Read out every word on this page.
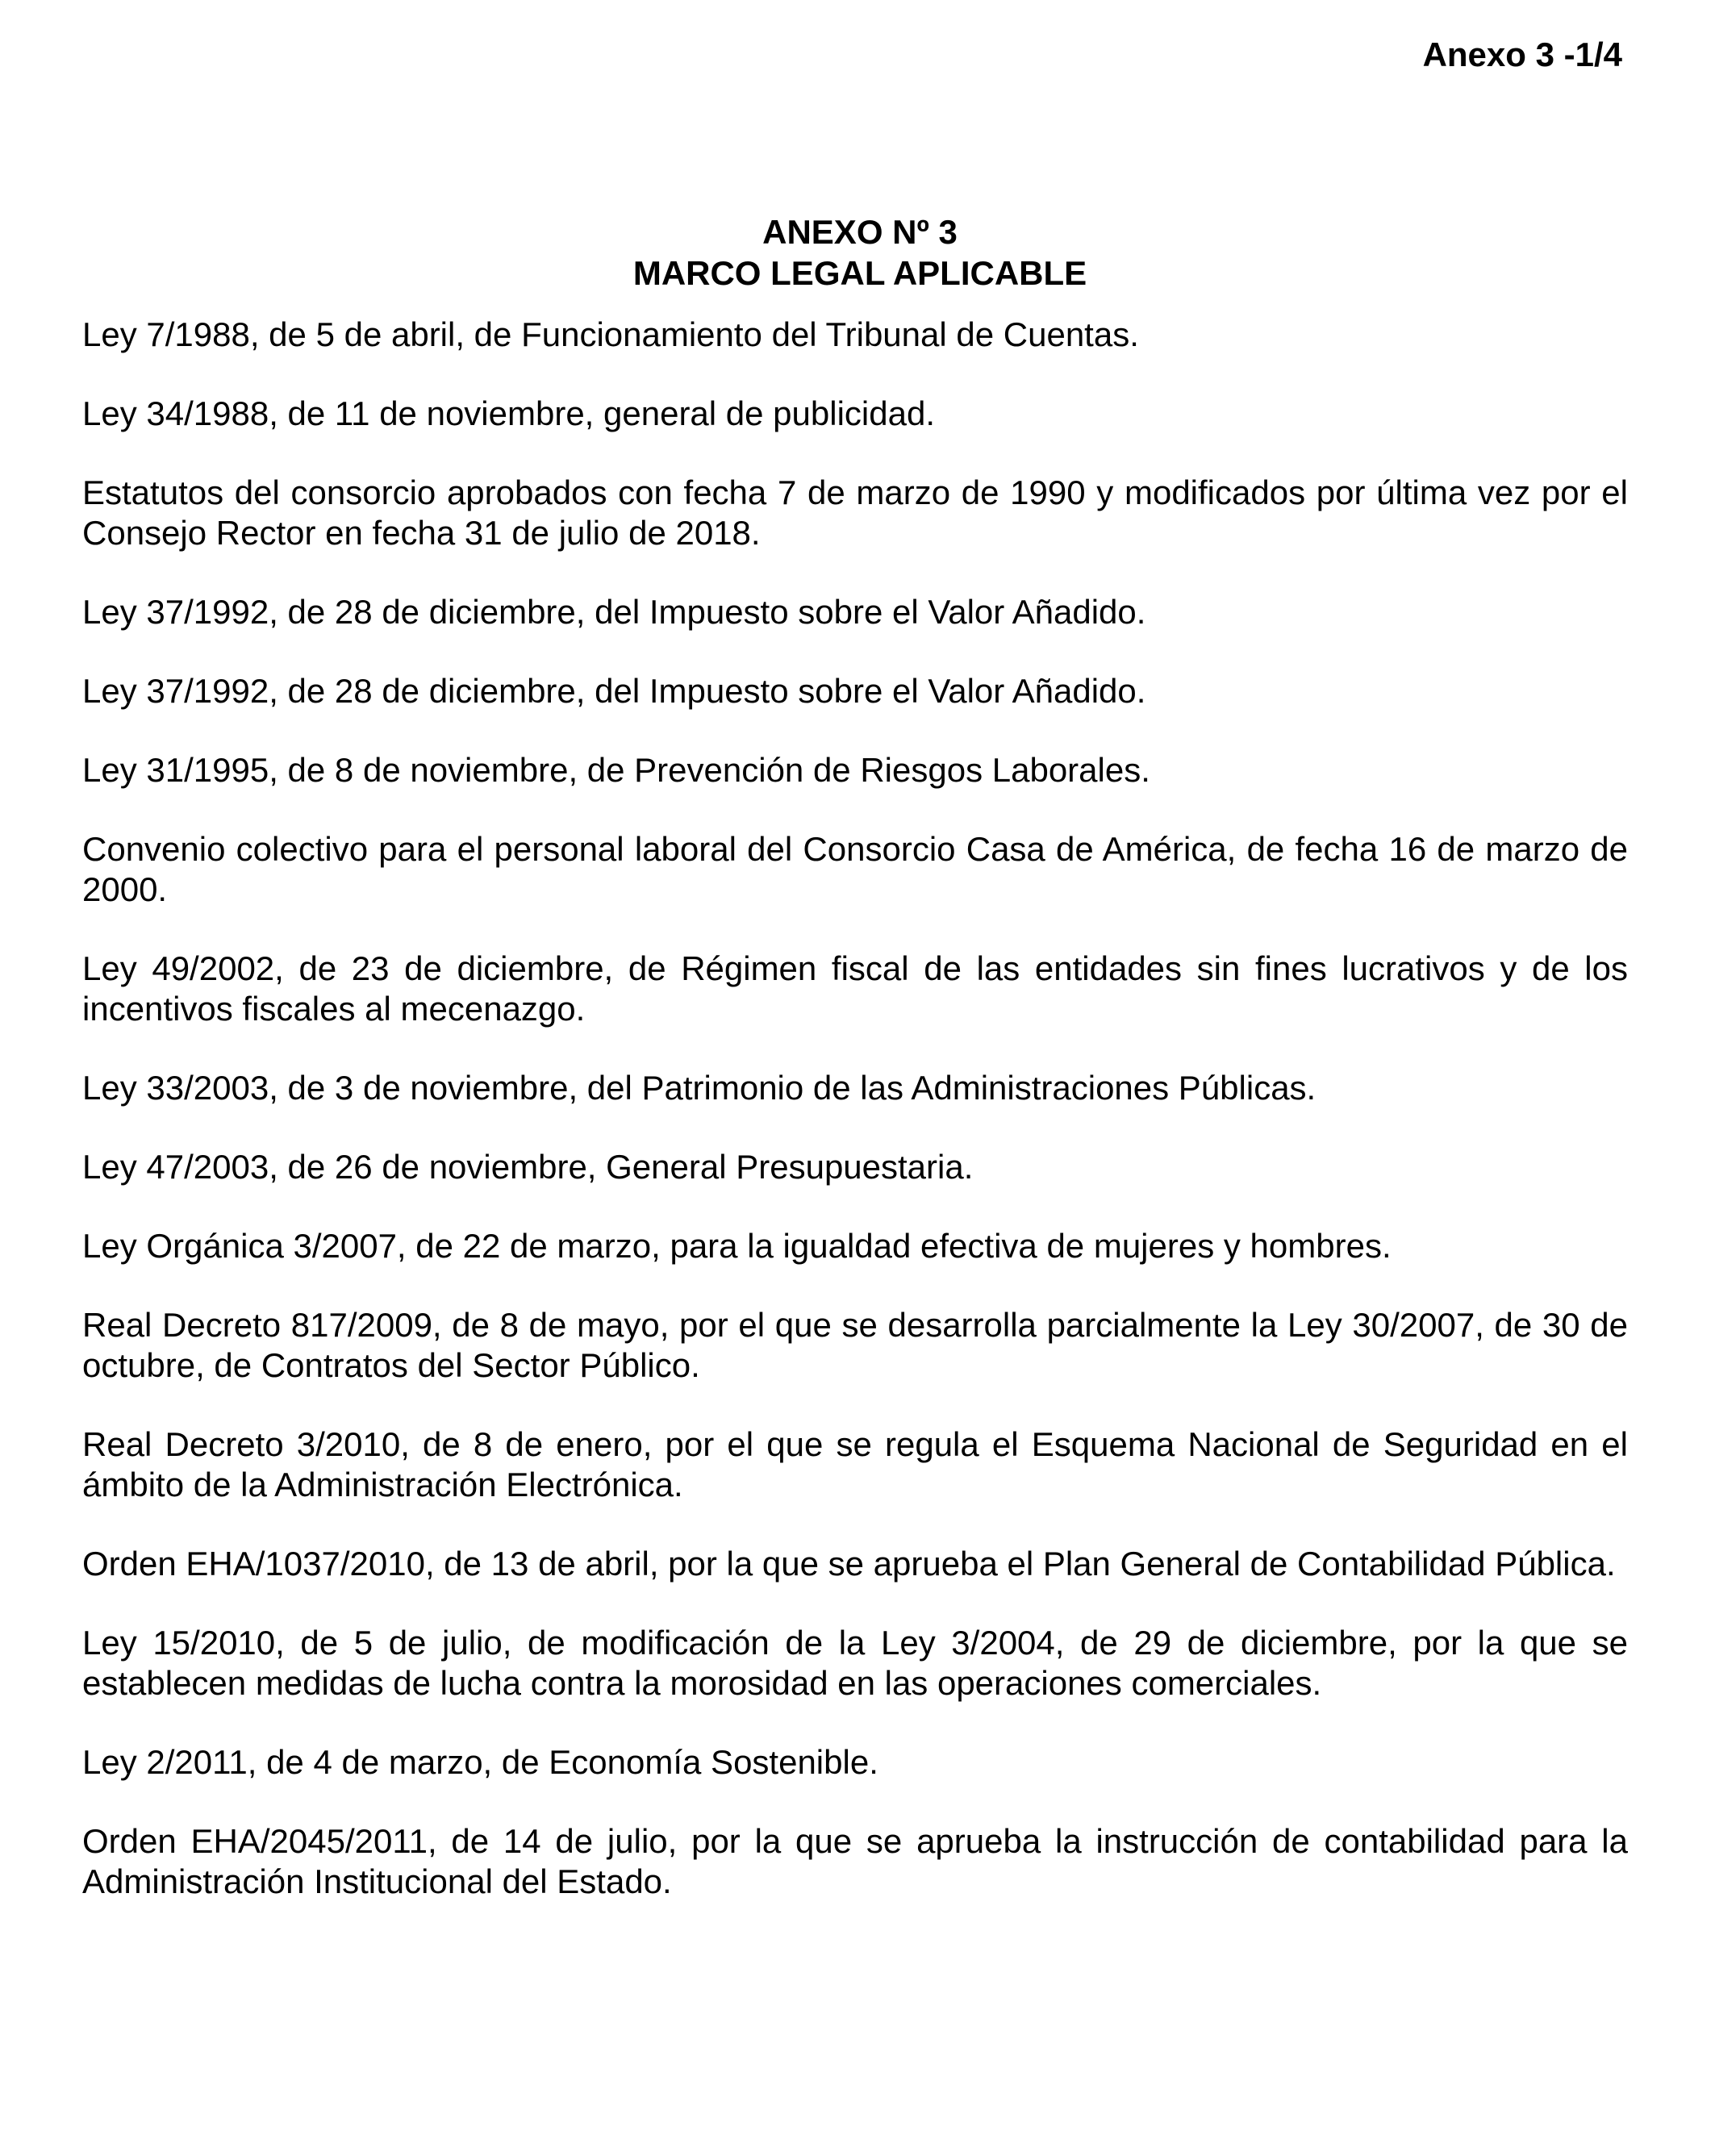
Anexo 3 -1/4
ANEXO Nº 3
MARCO LEGAL APLICABLE

Ley 7/1988, de 5 de abril, de Funcionamiento del Tribunal de Cuentas.

Ley 34/1988, de 11 de noviembre, general de publicidad.

Estatutos del consorcio aprobados con fecha 7 de marzo de 1990 y modificados por última vez por el Consejo Rector en fecha 31 de julio de 2018.

Ley 37/1992, de 28 de diciembre, del Impuesto sobre el Valor Añadido.

Ley 37/1992, de 28 de diciembre, del Impuesto sobre el Valor Añadido.

Ley 31/1995, de 8 de noviembre, de Prevención de Riesgos Laborales.

Convenio colectivo para el personal laboral del Consorcio Casa de América, de fecha 16 de marzo de 2000.

Ley 49/2002, de 23 de diciembre, de Régimen fiscal de las entidades sin fines lucrativos y de los incentivos fiscales al mecenazgo.

Ley 33/2003, de 3 de noviembre, del Patrimonio de las Administraciones Públicas.

Ley 47/2003, de 26 de noviembre, General Presupuestaria.

Ley Orgánica 3/2007, de 22 de marzo, para la igualdad efectiva de mujeres y hombres.

Real Decreto 817/2009, de 8 de mayo, por el que se desarrolla parcialmente la Ley 30/2007, de 30 de octubre, de Contratos del Sector Público.

Real Decreto 3/2010, de 8 de enero, por el que se regula el Esquema Nacional de Seguridad en el ámbito de la Administración Electrónica.

Orden EHA/1037/2010, de 13 de abril, por la que se aprueba el Plan General de Contabilidad Pública.

Ley 15/2010, de 5 de julio, de modificación de la Ley 3/2004, de 29 de diciembre, por la que se establecen medidas de lucha contra la morosidad en las operaciones comerciales.

Ley 2/2011, de 4 de marzo, de Economía Sostenible.

Orden EHA/2045/2011, de 14 de julio, por la que se aprueba la instrucción de contabilidad para la Administración Institucional del Estado.
